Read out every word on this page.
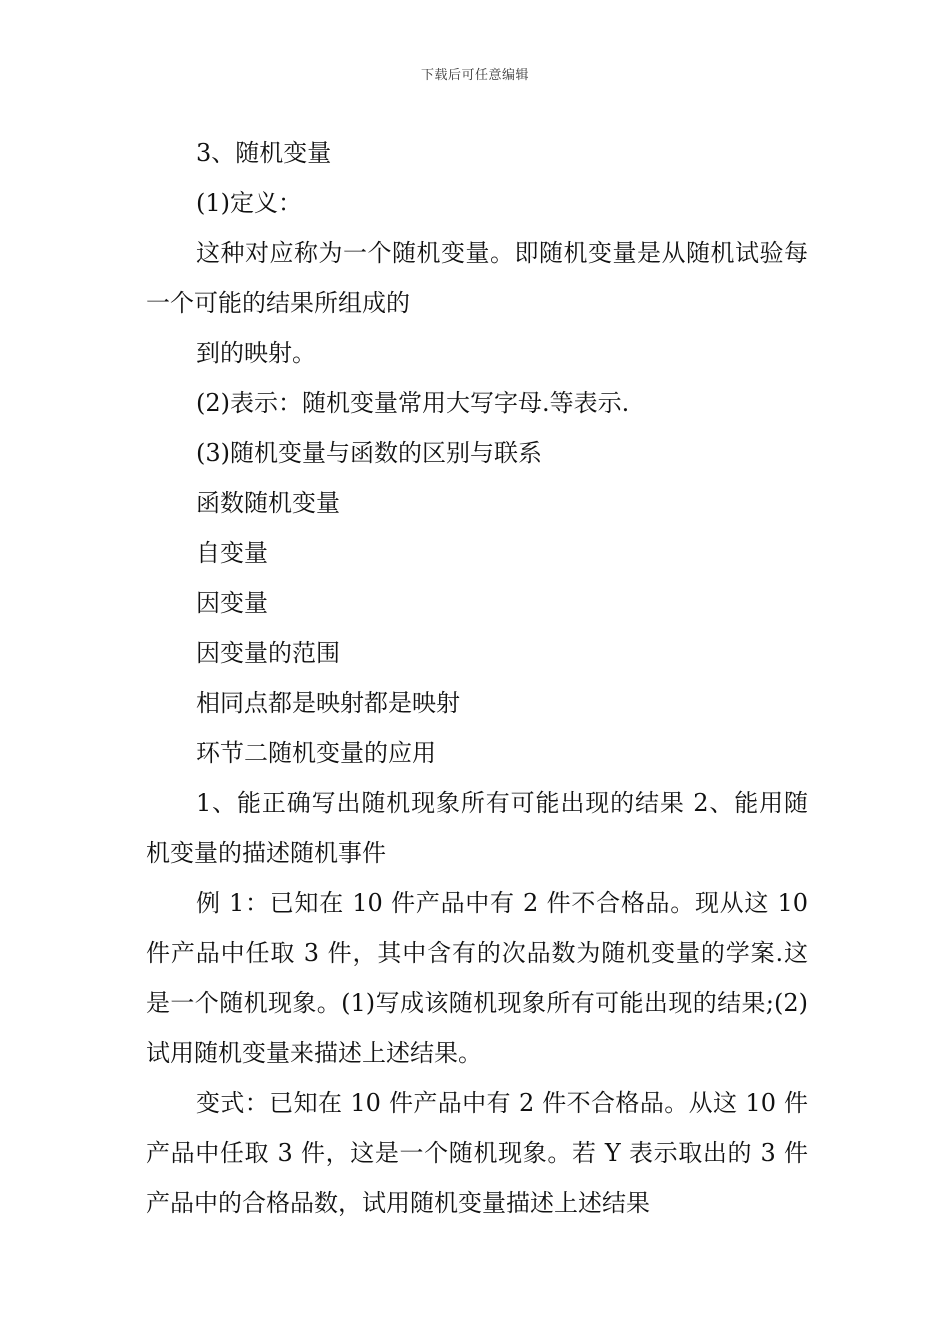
下载后可任意编辑

3、随机变量

(1)定义：

这种对应称为一个随机变量。即随机变量是从随机试验每一个可能的结果所组成的

到的映射。

(2)表示：随机变量常用大写字母.等表示.

(3)随机变量与函数的区别与联系

函数随机变量

自变量

因变量

因变量的范围

相同点都是映射都是映射

环节二随机变量的应用

1、能正确写出随机现象所有可能出现的结果 2、能用随机变量的描述随机事件

例 1：已知在 10 件产品中有 2 件不合格品。现从这 10 件产品中任取 3 件，其中含有的次品数为随机变量的学案.这是一个随机现象。(1)写成该随机现象所有可能出现的结果;(2)试用随机变量来描述上述结果。

变式：已知在 10 件产品中有 2 件不合格品。从这 10 件产品中任取 3 件，这是一个随机现象。若 Y 表示取出的 3 件产品中的合格品数，试用随机变量描述上述结果
